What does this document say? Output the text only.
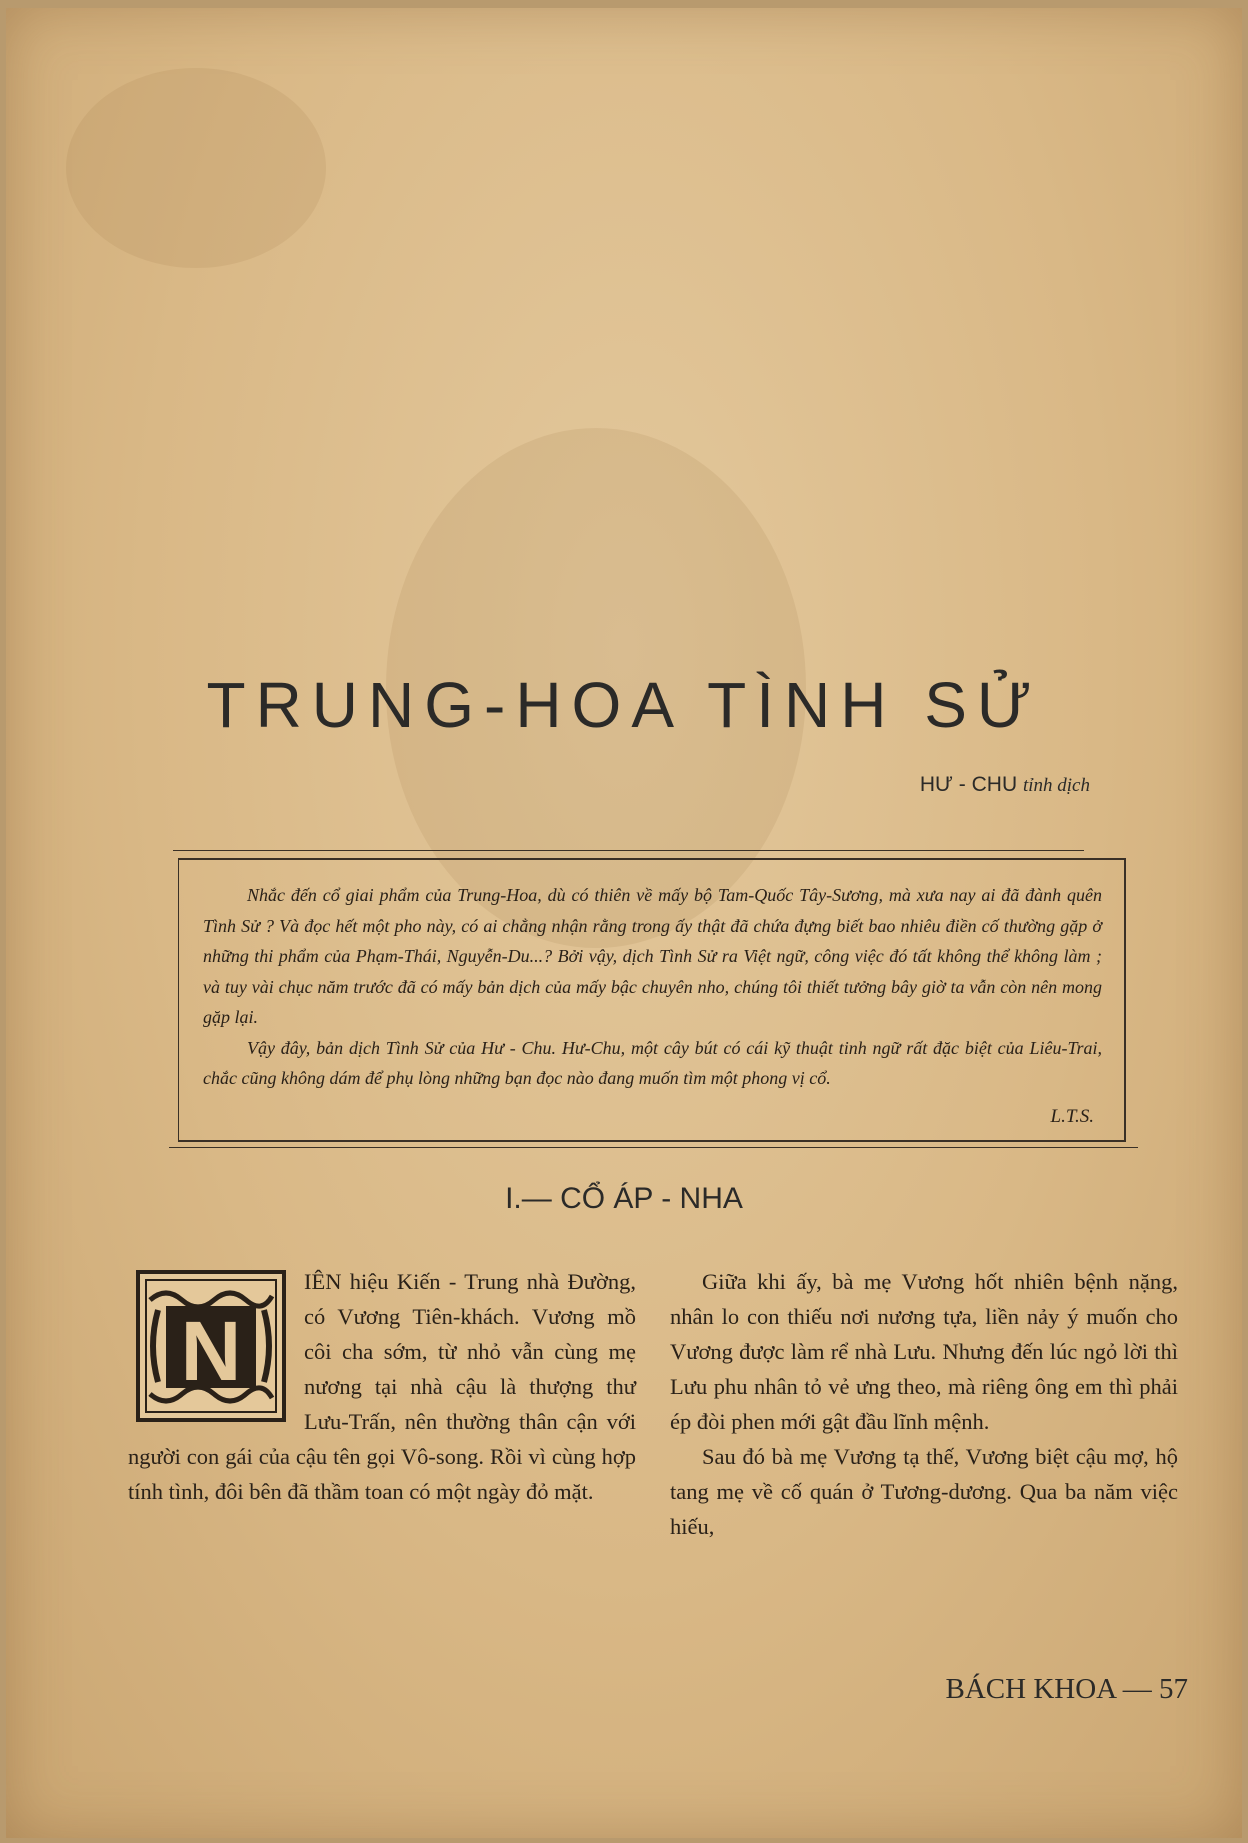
TRUNG-HOA TÌNH SỬ
HƯ - CHU tỉnh dịch

Nhắc đến cổ giai phẩm của Trung-Hoa, dù có thiên về mấy bộ Tam-Quốc Tây-Sương, mà xưa nay ai đã đành quên Tình Sử ? Và đọc hết một pho này, có ai chẳng nhận rằng trong ấy thật đã chứa đựng biết bao nhiêu điền cố thường gặp ở những thi phẩm của Phạm-Thái, Nguyễn-Du...? Bởi vậy, dịch Tình Sử ra Việt ngữ, công việc đó tất không thể không làm ; và tuy vài chục năm trước đã có mấy bản dịch của mấy bậc chuyên nho, chúng tôi thiết tưởng bây giờ ta vẫn còn nên mong gặp lại.

Vậy đây, bản dịch Tình Sử của Hư - Chu. Hư-Chu, một cây bút có cái kỹ thuật tinh ngữ rất đặc biệt của Liêu-Trai, chắc cũng không dám để phụ lòng những bạn đọc nào đang muốn tìm một phong vị cổ.

L.T.S.
I.— CỔ ÁP - NHA
N

IÊN hiệu Kiến - Trung nhà Đường, có Vương Tiên-khách. Vương mồ côi cha sớm, từ nhỏ vẫn cùng mẹ nương tại nhà cậu là thượng thư Lưu-Trấn, nên thường thân cận với người con gái của cậu tên gọi Vô-song. Rồi vì cùng hợp tính tình, đôi bên đã thầm toan có một ngày đỏ mặt.

Giữa khi ấy, bà mẹ Vương hốt nhiên bệnh nặng, nhân lo con thiếu nơi nương tựa, liền nảy ý muốn cho Vương được làm rể nhà Lưu. Nhưng đến lúc ngỏ lời thì Lưu phu nhân tỏ vẻ ưng theo, mà riêng ông em thì phải ép đòi phen mới gật đầu lĩnh mệnh.

Sau đó bà mẹ Vương tạ thế, Vương biệt cậu mợ, hộ tang mẹ về cố quán ở Tương-dương. Qua ba năm việc hiếu,

BÁCH KHOA — 57
